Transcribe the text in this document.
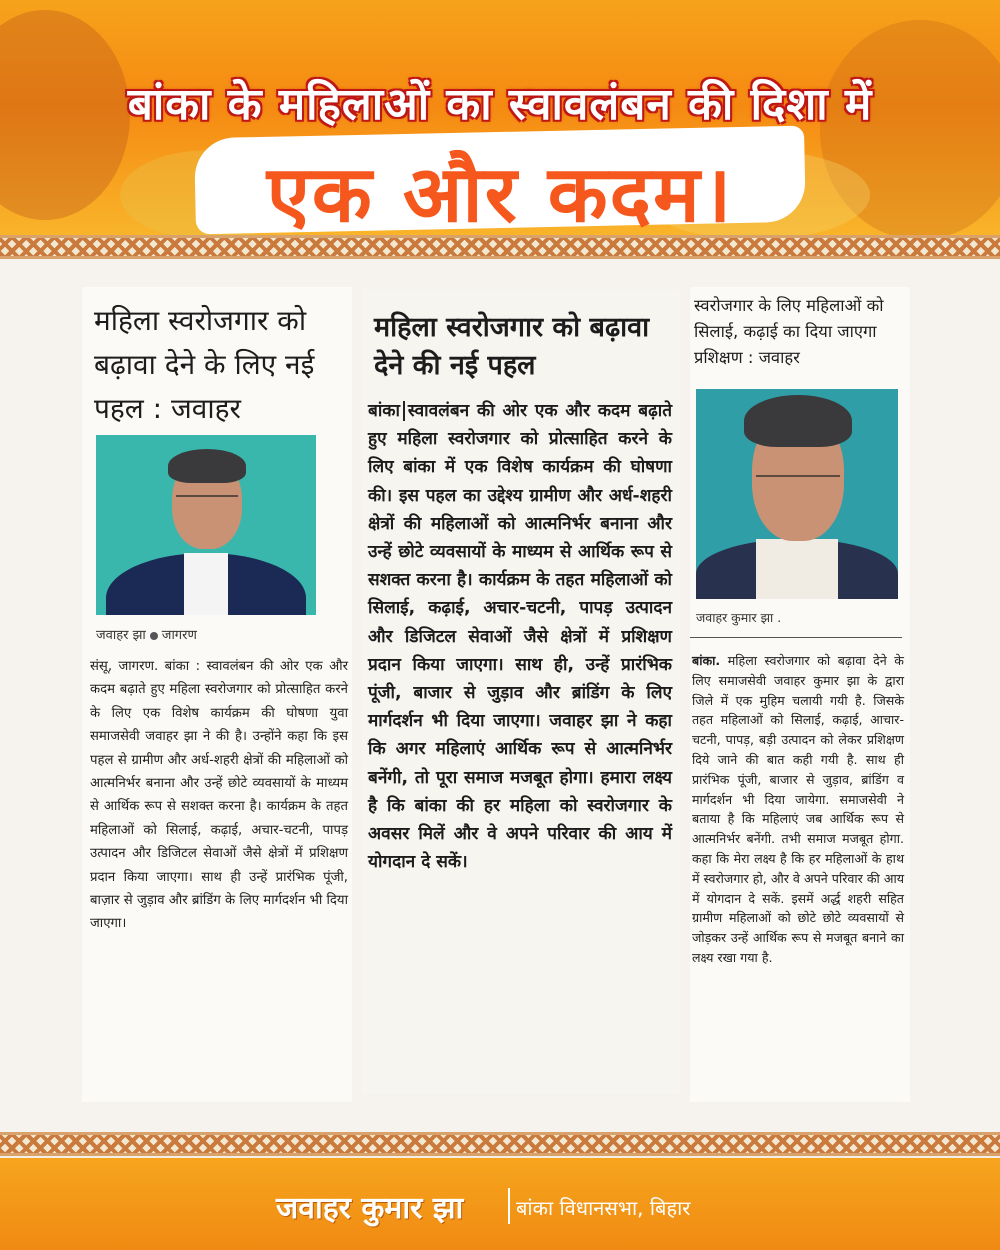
बांका के महिलाओं का स्वावलंबन की दिशा में
एक और कदम।
महिला स्वरोजगार को बढ़ावा देने के लिए नई पहल : जवाहर
जवाहर झा जागरण
संसू, जागरण. बांका : स्वावलंबन की ओर एक और कदम बढ़ाते हुए महिला स्वरोजगार को प्रोत्साहित करने के लिए एक विशेष कार्यक्रम की घोषणा युवा समाजसेवी जवाहर झा ने की है। उन्होंने कहा कि इस पहल से ग्रामीण और अर्ध-शहरी क्षेत्रों की महिलाओं को आत्मनिर्भर बनाना और उन्हें छोटे व्यवसायों के माध्यम से आर्थिक रूप से सशक्त करना है। कार्यक्रम के तहत महिलाओं को सिलाई, कढ़ाई, अचार-चटनी, पापड़ उत्पादन और डिजिटल सेवाओं जैसे क्षेत्रों में प्रशिक्षण प्रदान किया जाएगा। साथ ही उन्हें प्रारंभिक पूंजी, बाज़ार से जुड़ाव और ब्रांडिंग के लिए मार्गदर्शन भी दिया जाएगा।
महिला स्वरोजगार को बढ़ावा देने की नई पहल
बांका स्वावलंबन की ओर एक और कदम बढ़ाते हुए महिला स्वरोजगार को प्रोत्साहित करने के लिए बांका में एक विशेष कार्यक्रम की घोषणा की। इस पहल का उद्देश्य ग्रामीण और अर्ध-शहरी क्षेत्रों की महिलाओं को आत्मनिर्भर बनाना और उन्हें छोटे व्यवसायों के माध्यम से आर्थिक रूप से सशक्त करना है। कार्यक्रम के तहत महिलाओं को सिलाई, कढ़ाई, अचार-चटनी, पापड़ उत्पादन और डिजिटल सेवाओं जैसे क्षेत्रों में प्रशिक्षण प्रदान किया जाएगा। साथ ही, उन्हें प्रारंभिक पूंजी, बाजार से जुड़ाव और ब्रांडिंग के लिए मार्गदर्शन भी दिया जाएगा। जवाहर झा ने कहा कि अगर महिलाएं आर्थिक रूप से आत्मनिर्भर बनेंगी, तो पूरा समाज मजबूत होगा। हमारा लक्ष्य है कि बांका की हर महिला को स्वरोजगार के अवसर मिलें और वे अपने परिवार की आय में योगदान दे सकें।
स्वरोजगार के लिए महिलाओं को सिलाई, कढ़ाई का दिया जाएगा प्रशिक्षण : जवाहर
जवाहर कुमार झा .
बांका. महिला स्वरोजगार को बढ़ावा देने के लिए समाजसेवी जवाहर कुमार झा के द्वारा जिले में एक मुहिम चलायी गयी है. जिसके तहत महिलाओं को सिलाई, कढ़ाई, आचार-चटनी, पापड़, बड़ी उत्पादन को लेकर प्रशिक्षण दिये जाने की बात कही गयी है. साथ ही प्रारंभिक पूंजी, बाजार से जुड़ाव, ब्रांडिंग व मार्गदर्शन भी दिया जायेगा. समाजसेवी ने बताया है कि महिलाएं जब आर्थिक रूप से आत्मनिर्भर बनेंगी. तभी समाज मजबूत होगा. कहा कि मेरा लक्ष्य है कि हर महिलाओं के हाथ में स्वरोजगार हो, और वे अपने परिवार की आय में योगदान दे सकें. इसमें अर्द्ध शहरी सहित ग्रामीण महिलाओं को छोटे छोटे व्यवसायों से जोड़कर उन्हें आर्थिक रूप से मजबूत बनाने का लक्ष्य रखा गया है.
जवाहर कुमार झा	बांका विधानसभा, बिहार
